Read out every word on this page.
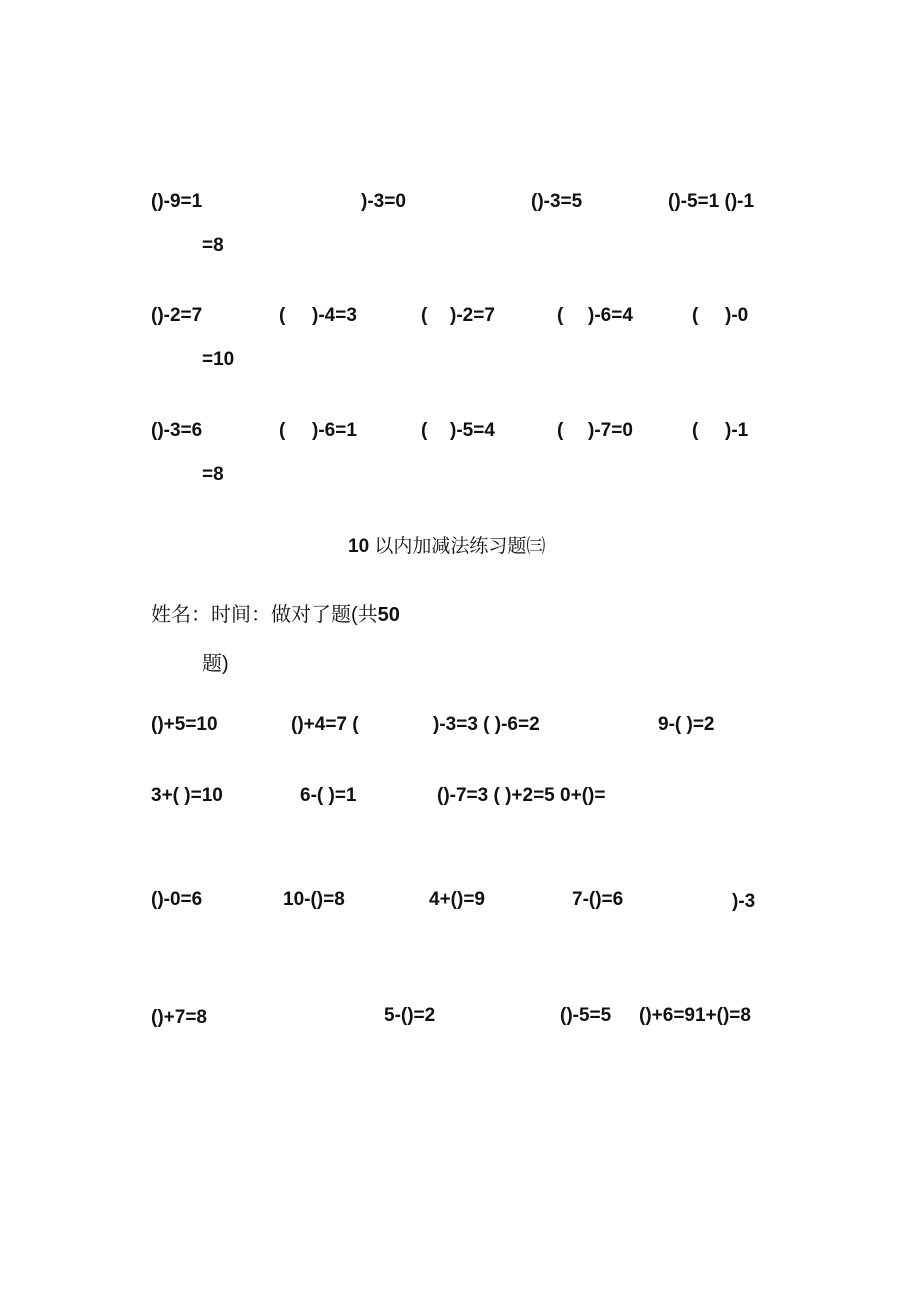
()-9=1	)-3=0	()-3=5	()-5=1 ()-1
=8
()-2=7	( )-4=3	( )-2=7	( )-6=4	( )-0
=10
()-3=6	( )-6=1	( )-5=4	( )-7=0	( )-1
=8
10 以内加减法练习题㈢
姓名：时间：做对了题(共50
题)
()+5=10	()+4=7 (	)-3=3 ( )-6=2	9-( )=2
3+( )=10	6-( )=1	()-7=3 ( )+2=5 0+()=
()-0=6	10-()=8	4+()=9	7-()=6	)-3
()+7=8	5-()=2	()-5=5 ()+6=91+()=8
